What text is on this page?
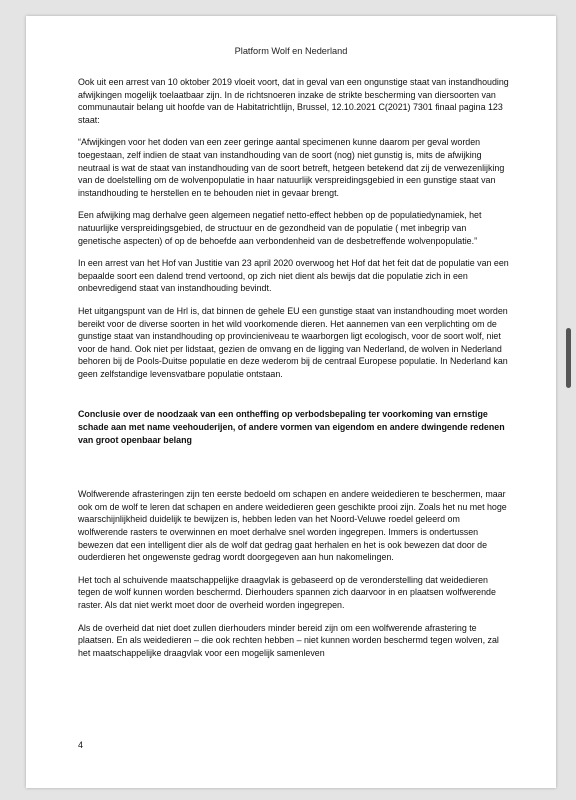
Platform Wolf en Nederland

Ook uit een arrest van 10 oktober 2019 vloeit voort, dat in geval van een ongunstige staat van instandhouding afwijkingen mogelijk toelaatbaar zijn. In de richtsnoeren inzake de strikte bescherming van diersoorten van communautair belang uit hoofde van de Habitatrichtlijn, Brussel, 12.10.2021 C(2021) 7301 finaal pagina 123 staat:

“Afwijkingen voor het doden van een zeer geringe aantal specimenen kunne daarom per geval worden toegestaan, zelf indien de staat van instandhouding van de soort (nog) niet gunstig is, mits de afwijking neutraal is wat de staat van instandhouding van de soort betreft, hetgeen betekend dat zij de verwezenlijking van de doelstelling om de wolvenpopulatie in haar natuurlijk verspreidingsgebied in een gunstige staat van instandhouding te herstellen en te behouden niet in gevaar brengt.

Een afwijking mag derhalve geen algemeen negatief netto-effect hebben op de populatiedynamiek, het natuurlijke verspreidingsgebied, de structuur en de gezondheid van de populatie ( met inbegrip van genetische aspecten) of op de behoefde aan verbondenheid van de desbetreffende wolvenpopulatie.”

In een arrest van het Hof van Justitie van 23 april 2020 overwoog het Hof dat het feit dat de populatie van een bepaalde soort een dalend trend vertoond, op zich niet dient als bewijs dat die populatie zich in een onbevredigend staat van instandhouding bevindt.

Het uitgangspunt van de Hrl is, dat binnen de gehele EU een gunstige staat van instandhouding moet worden bereikt voor de diverse soorten in het wild voorkomende dieren. Het aannemen van een verplichting om de gunstige staat van instandhouding op provincieniveau te waarborgen ligt ecologisch, voor de soort wolf, niet voor de hand. Ook niet per lidstaat, gezien de omvang en de ligging van Nederland, de wolven in Nederland behoren bij de Pools-Duitse populatie en deze wederom bij de centraal Europese populatie. In Nederland kan geen zelfstandige levensvatbare populatie ontstaan.

Conclusie over de noodzaak van een ontheffing op verbodsbepaling ter voorkoming van ernstige schade aan met name veehouderijen, of andere vormen van eigendom en andere dwingende redenen van groot openbaar belang

Wolfwerende afrasteringen zijn ten eerste bedoeld om schapen en andere weidedieren te beschermen, maar ook om de wolf te leren dat schapen en andere weidedieren geen geschikte prooi zijn. Zoals het nu met hoge waarschijnlijkheid duidelijk te bewijzen is, hebben leden van het Noord-Veluwe roedel geleerd om wolfwerende rasters te overwinnen en moet derhalve snel worden ingegrepen. Immers is ondertussen bewezen dat een intelligent dier als de wolf dat gedrag gaat herhalen en het is ook bewezen dat door de ouderdieren het ongewenste gedrag wordt doorgegeven aan hun nakomelingen.

Het toch al schuivende maatschappelijke draagvlak is gebaseerd op de veronderstelling dat weidedieren tegen de wolf kunnen worden beschermd. Dierhouders spannen zich daarvoor in en plaatsen wolfwerende raster. Als dat niet werkt moet door de overheid worden ingegrepen.

Als de overheid dat niet doet zullen dierhouders minder bereid zijn om een wolfwerende afrastering te plaatsen. En als weidedieren – die ook rechten hebben – niet kunnen worden beschermd tegen wolven, zal het maatschappelijke draagvlak voor een mogelijk samenleven

4
